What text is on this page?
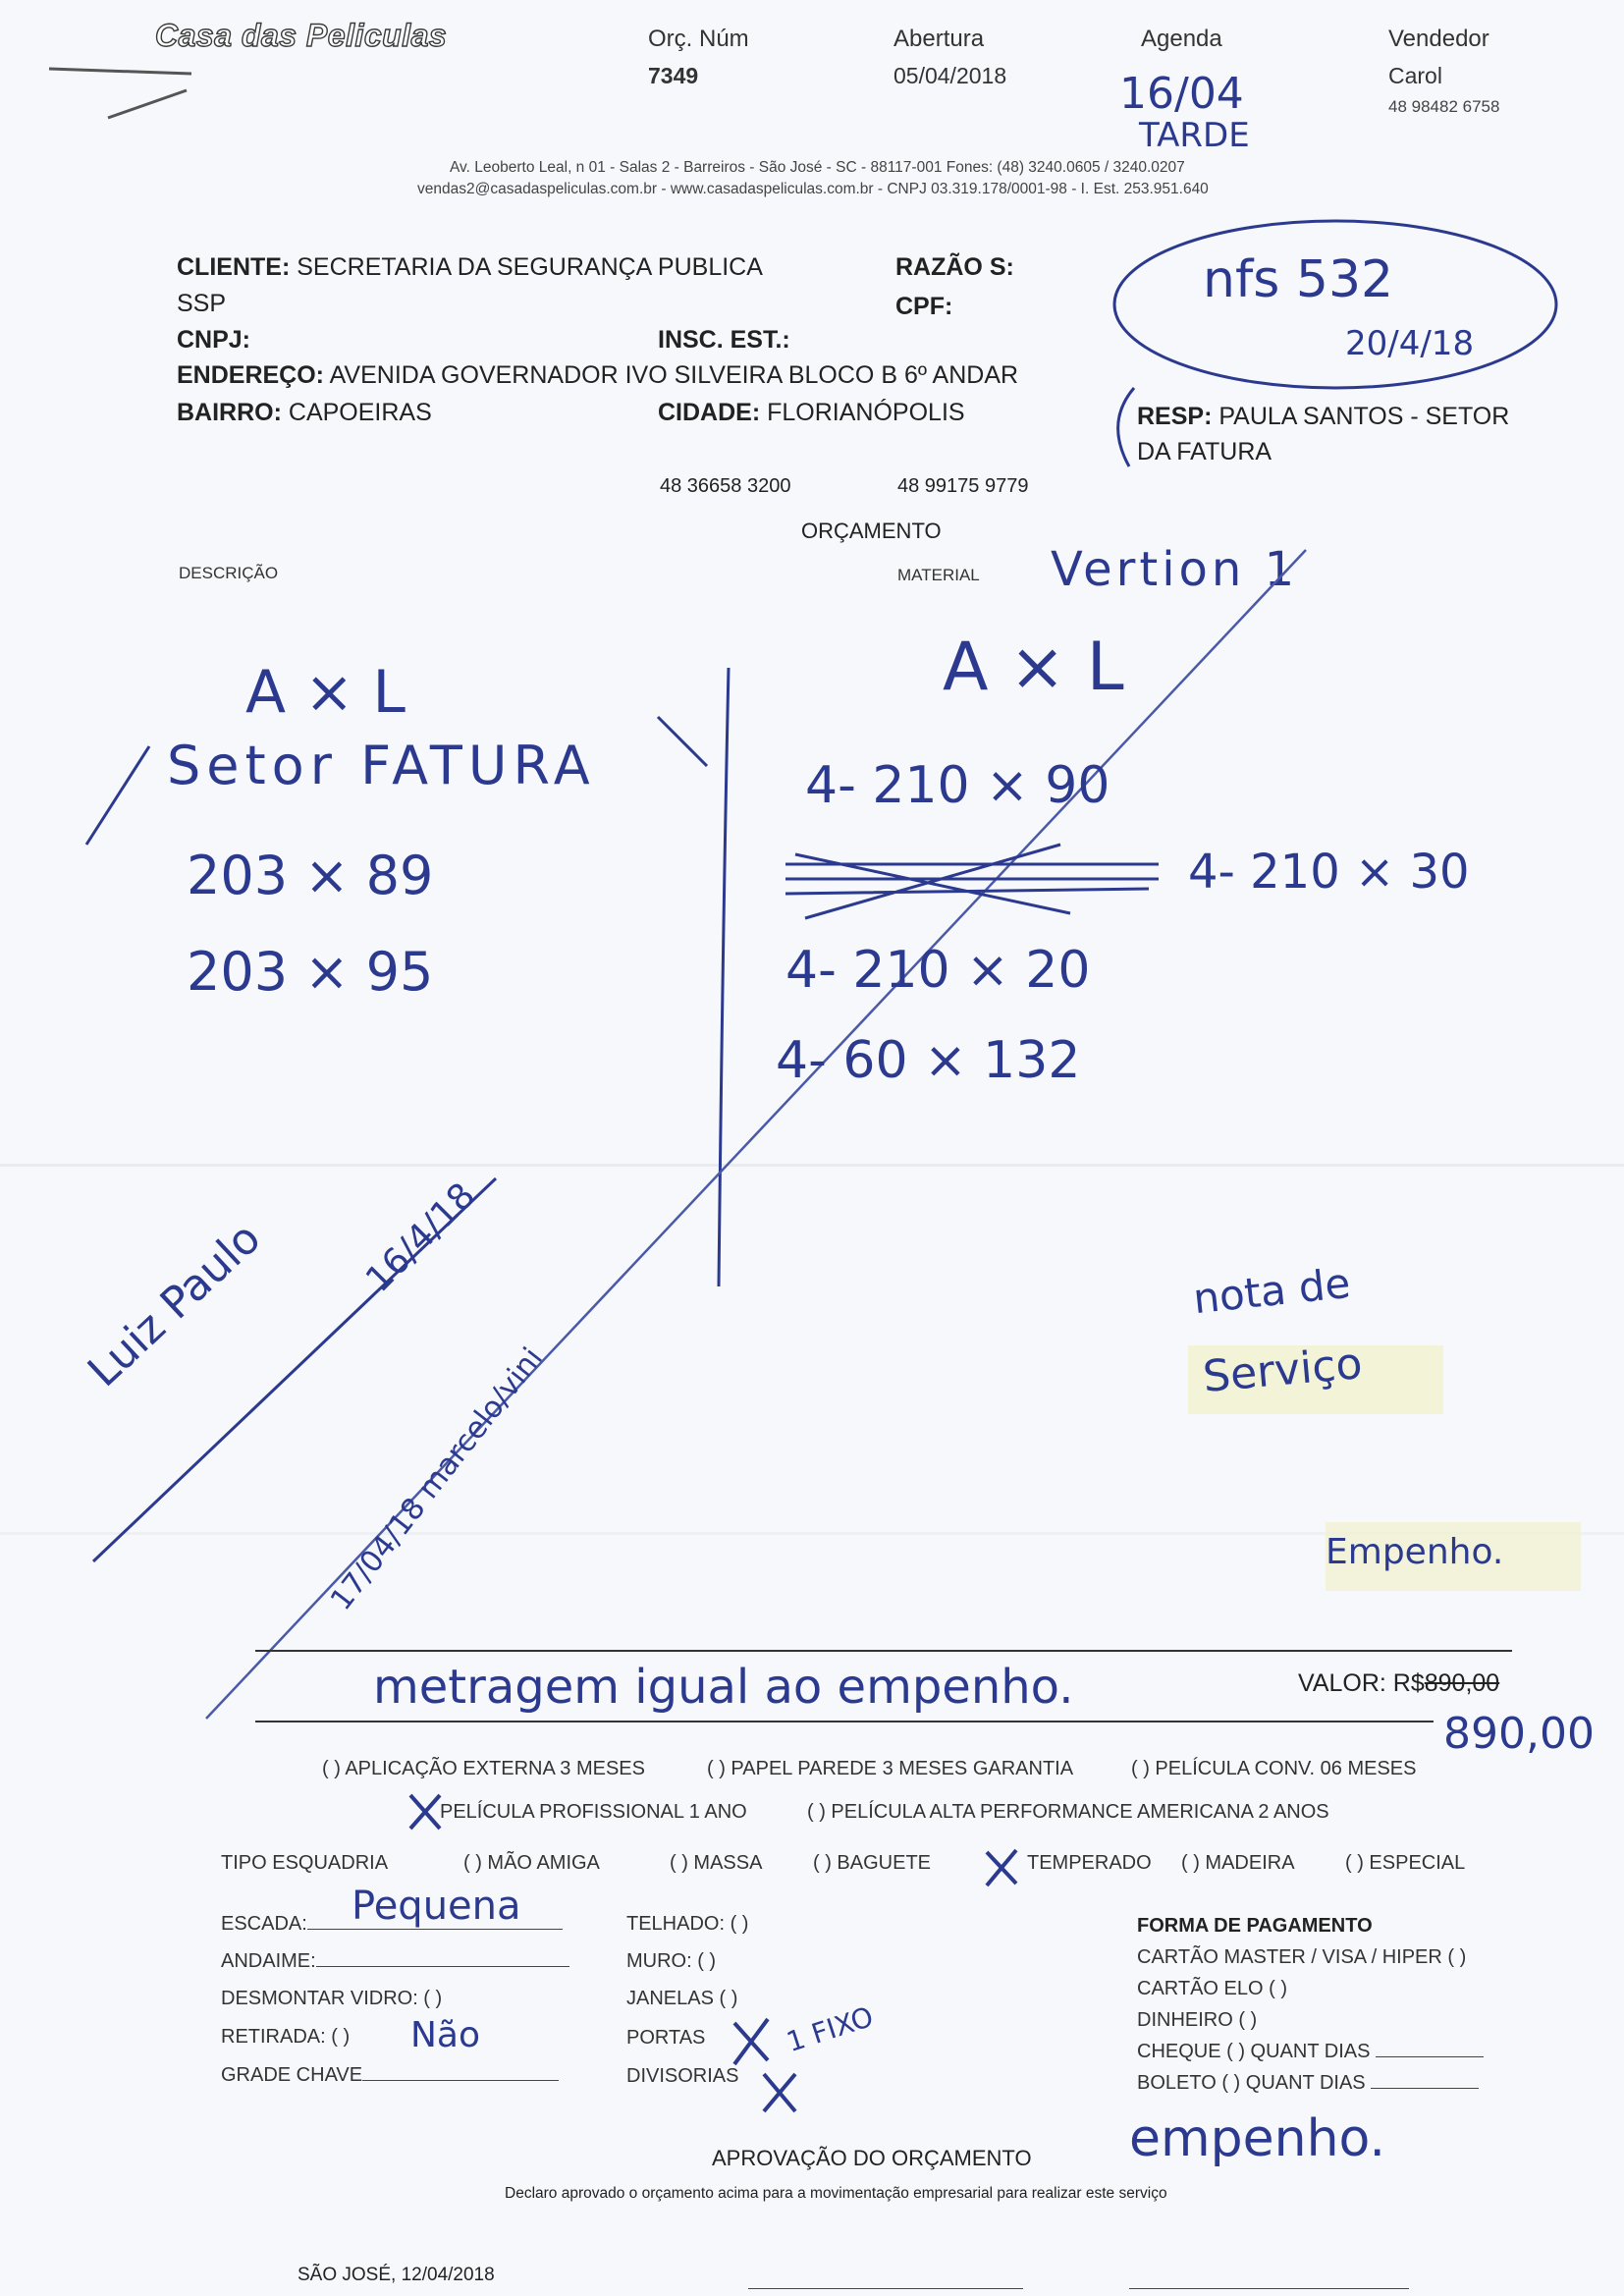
Casa das Peliculas	Orç. Núm
7349
Abertura
05/04/2018
Agenda
16/04
TARDE
Vendedor
Carol
48 98482 6758
Av. Leoberto Leal, n 01 - Salas 2 - Barreiros - São José - SC - 88117-001 Fones: (48) 3240.0605 / 3240.0207
vendas2@casadaspeliculas.com.br - www.casadaspeliculas.com.br - CNPJ 03.319.178/0001-98 - I. Est. 253.951.640
nfs 532
20/4/18
CLIENTE: SECRETARIA DA SEGURANÇA PUBLICA
SSP
RAZÃO S:
CPF:
CNPJ:	INSC. EST.:
ENDEREÇO: AVENIDA GOVERNADOR IVO SILVEIRA BLOCO B 6º ANDAR
BAIRRO: CAPOEIRAS	CIDADE: FLORIANÓPOLIS	RESP: PAULA SANTOS - SETOR
DA FATURA
48 36658 3200	48 99175 9779
ORÇAMENTO
DESCRIÇÃO	MATERIAL Vertion 1
A × L
Setor FATURA
203 × 89
203 × 95
A × L
4- 210 × 90
4- 210 × 30
4- 210 × 20
4- 60 × 132
Luiz Paulo 16/4/18
17/04/18 marcelo/vini
nota de
Serviço
Empenho.
metragem igual ao empenho.	VALOR: R$890,00
890,00
( ) APLICAÇÃO EXTERNA 3 MESES	( ) PAPEL PAREDE 3 MESES GARANTIA	( ) PELÍCULA CONV. 06 MESES
PELÍCULA PROFISSIONAL 1 ANO	( ) PELÍCULA ALTA PERFORMANCE AMERICANA 2 ANOS
TIPO ESQUADRIA	( ) MÃO AMIGA	( ) MASSA	( ) BAGUETE	TEMPERADO ( ) MADEIRA	( ) ESPECIAL
ESCADA:	Pequena
ANDAIME:
DESMONTAR VIDRO: ( )
RETIRADA: ( ) Não
GRADE CHAVE
TELHADO: ( )
MURO: ( )
JANELAS ( )
PORTAS	1 FIXO
DIVISORIAS
FORMA DE PAGAMENTO
CARTÃO MASTER / VISA / HIPER ( )
CARTÃO ELO ( )
DINHEIRO ( )
CHEQUE ( ) QUANT DIAS
BOLETO ( ) QUANT DIAS
APROVAÇÃO DO ORÇAMENTO empenho.
Declaro aprovado o orçamento acima para a movimentação empresarial para realizar este serviço
SÃO JOSÉ, 12/04/2018
